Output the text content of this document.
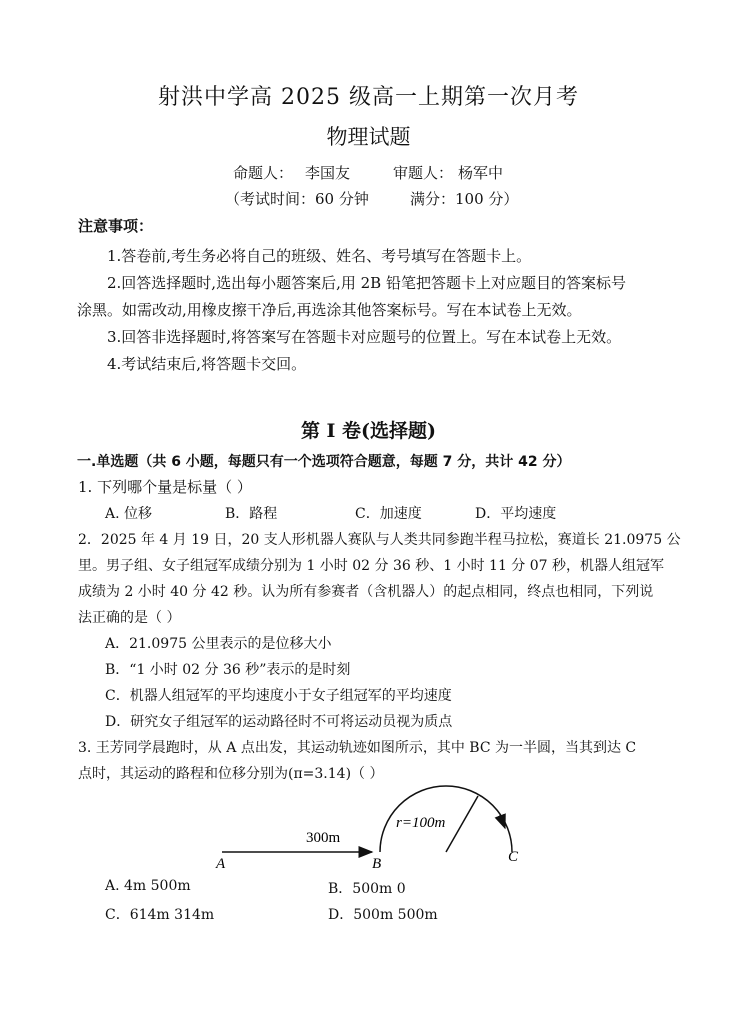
射洪中学高 2025 级高一上期第一次月考
物理试题
命题人： 李国友	审题人： 杨军中
（考试时间：60 分钟	满分：100 分）
注意事项：
1.答卷前,考生务必将自己的班级、姓名、考号填写在答题卡上。
2.回答选择题时,选出每小题答案后,用 2B 铅笔把答题卡上对应题目的答案标号
涂黑。如需改动,用橡皮擦干净后,再选涂其他答案标号。写在本试卷上无效。
3.回答非选择题时,将答案写在答题卡对应题号的位置上。写在本试卷上无效。
4.考试结束后,将答题卡交回。
第 I 卷(选择题)
一.单选题（共 6 小题，每题只有一个选项符合题意，每题 7 分，共计 42 分）
1. 下列哪个量是标量（ ）
A. 位移	B．路程	C．加速度	D．平均速度
2．2025 年 4 月 19 日，20 支人形机器人赛队与人类共同参跑半程马拉松，赛道长 21.0975 公
里。男子组、女子组冠军成绩分别为 1 小时 02 分 36 秒、1 小时 11 分 07 秒，机器人组冠军
成绩为 2 小时 40 分 42 秒。认为所有参赛者（含机器人）的起点相同，终点也相同，下列说
法正确的是（ ）
A．21.0975 公里表示的是位移大小
B．“1 小时 02 分 36 秒”表示的是时刻
C．机器人组冠军的平均速度小于女子组冠军的平均速度
D．研究女子组冠军的运动路径时不可将运动员视为质点
3. 王芳同学晨跑时，从 A 点出发，其运动轨迹如图所示，其中 BC 为一半圆，当其到达 C
点时，其运动的路程和位移分别为(π=3.14)（ ）
300m
r=100m
A	B	C
A. 4m 500m	B．500m 0
C．614m 314m	D．500m 500m
